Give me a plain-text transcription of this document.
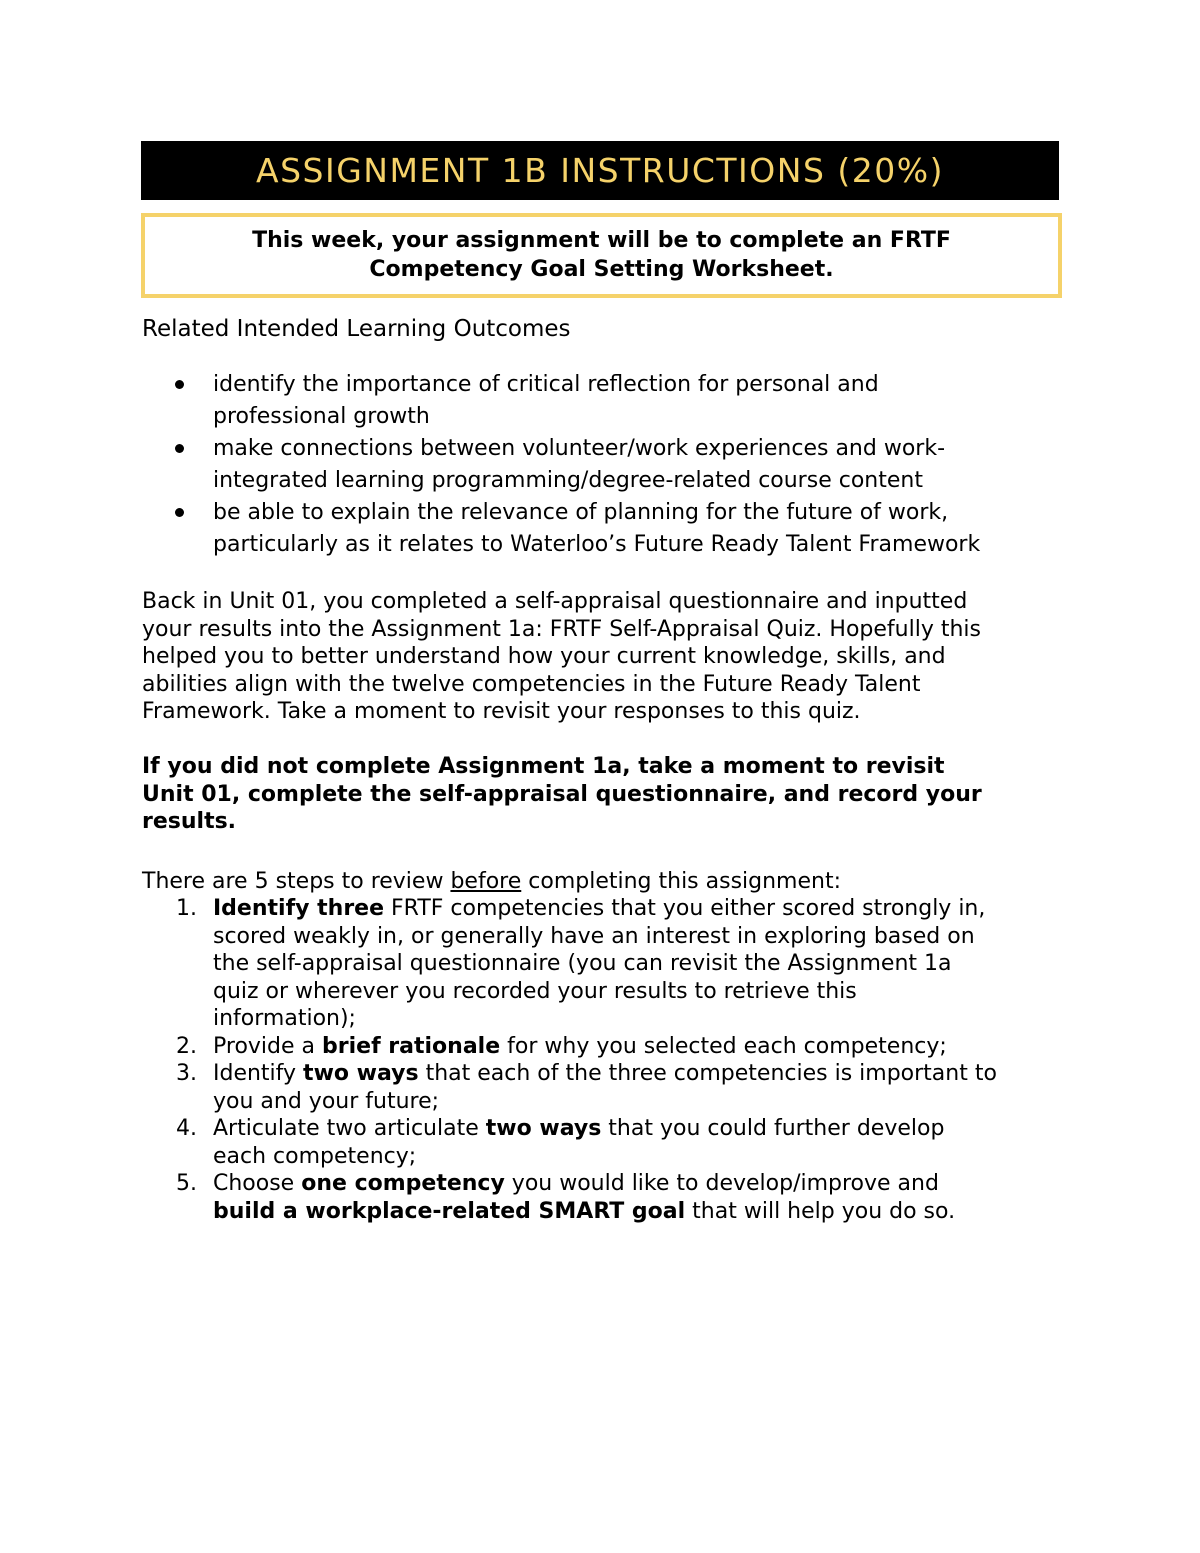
ASSIGNMENT 1B INSTRUCTIONS (20%)
This week, your assignment will be to complete an FRTF
Competency Goal Setting Worksheet.
Related Intended Learning Outcomes
identify the importance of critical reflection for personal and
professional growth
make connections between volunteer/work experiences and work-
integrated learning programming/degree-related course content
be able to explain the relevance of planning for the future of work,
particularly as it relates to Waterloo’s Future Ready Talent Framework
Back in Unit 01, you completed a self-appraisal questionnaire and inputted
your results into the Assignment 1a: FRTF Self-Appraisal Quiz. Hopefully this
helped you to better understand how your current knowledge, skills, and
abilities align with the twelve competencies in the Future Ready Talent
Framework. Take a moment to revisit your responses to this quiz.
If you did not complete Assignment 1a, take a moment to revisit
Unit 01, complete the self-appraisal questionnaire, and record your
results.
There are 5 steps to review before completing this assignment:
1. Identify three FRTF competencies that you either scored strongly in,
scored weakly in, or generally have an interest in exploring based on
the self-appraisal questionnaire (you can revisit the Assignment 1a
quiz or wherever you recorded your results to retrieve this
information);
2. Provide a brief rationale for why you selected each competency;
3. Identify two ways that each of the three competencies is important to
you and your future;
4. Articulate two articulate two ways that you could further develop
each competency;
5. Choose one competency you would like to develop/improve and
build a workplace-related SMART goal that will help you do so.
